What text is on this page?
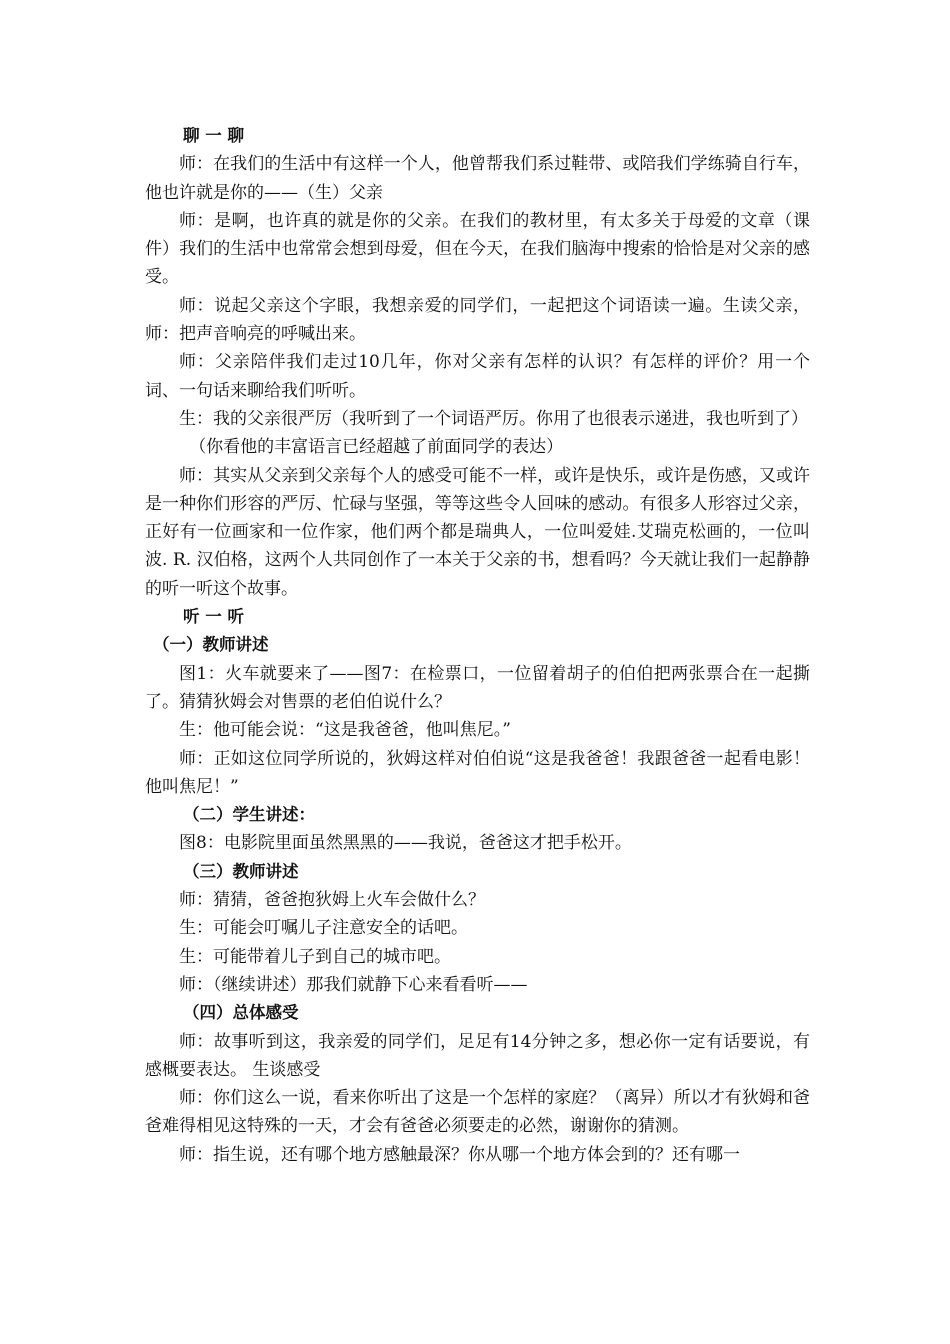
聊 一 聊

师：在我们的生活中有这样一个人，他曾帮我们系过鞋带、或陪我们学练骑自行车，他也许就是你的——（生）父亲

师：是啊，也许真的就是你的父亲。在我们的教材里，有太多关于母爱的文章（课件）我们的生活中也常常会想到母爱，但在今天，在我们脑海中搜索的恰恰是对父亲的感受。

师：说起父亲这个字眼，我想亲爱的同学们，一起把这个词语读一遍。生读父亲，师：把声音响亮的呼喊出来。

师：父亲陪伴我们走过10几年，你对父亲有怎样的认识？有怎样的评价？用一个词、一句话来聊给我们听听。

生：我的父亲很严厉（我听到了一个词语严厉。你用了也很表示递进，我也听到了）

（你看他的丰富语言已经超越了前面同学的表达）

师：其实从父亲到父亲每个人的感受可能不一样，或许是快乐，或许是伤感，又或许是一种你们形容的严厉、忙碌与坚强，等等这些令人回味的感动。有很多人形容过父亲，正好有一位画家和一位作家，他们两个都是瑞典人，一位叫爱娃.艾瑞克松画的，一位叫波. R. 汉伯格，这两个人共同创作了一本关于父亲的书，想看吗？今天就让我们一起静静的听一听这个故事。

听 一 听

（一）教师讲述

图1：火车就要来了——图7：在检票口，一位留着胡子的伯伯把两张票合在一起撕了。猜猜狄姆会对售票的老伯伯说什么？

生：他可能会说：“这是我爸爸，他叫焦尼。”

师：正如这位同学所说的，狄姆这样对伯伯说“这是我爸爸！我跟爸爸一起看电影！他叫焦尼！”

（二）学生讲述：

图8：电影院里面虽然黑黑的——我说，爸爸这才把手松开。

（三）教师讲述

师：猜猜，爸爸抱狄姆上火车会做什么？

生：可能会叮嘱儿子注意安全的话吧。

生：可能带着儿子到自己的城市吧。

师：（继续讲述）那我们就静下心来看看听——

（四）总体感受

师：故事听到这，我亲爱的同学们，足足有14分钟之多，想必你一定有话要说，有感概要表达。 生谈感受

师：你们这么一说，看来你听出了这是一个怎样的家庭？（离异）所以才有狄姆和爸爸难得相见这特殊的一天，才会有爸爸必须要走的必然，谢谢你的猜测。

师：指生说，还有哪个地方感触最深？你从哪一个地方体会到的？还有哪一
